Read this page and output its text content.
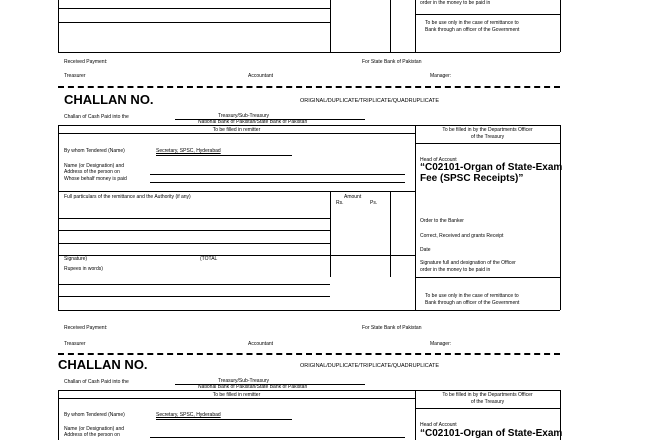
order in the money to be paid in
To be use only in the case of remittance to
Bank through an officer of the Government
Received Payment:	For State Bank of Pakistan
Treasurer	Accountant	Manager:
CHALLAN NO.	ORIGINAL/DUPLICATE/TRIPLICATE/QUADRUPLICATE
Challan of Cash Paid into the	Treasury/Sub-Treasury
National Bank of Pakistan/State Bank of Pakistan
To be filled in remitter	To be filled in by the Departments Officer
of the Treasury
By whom Tendered (Name)	Secretary, SPSC, Hyderabad
Name (or Designation) and
Address of the person on
Whose behalf money is paid
Head of Account
“C02101-Organ of State-Exam
Fee (SPSC Receipts)”
Full particulars of the remittance and the Authority (if any)	Amount
Rs.	Ps.
Signature)	(TOTAL
Rupees in words)
Order to the Banker
Correct, Received and grants Receipt
Date
Signature full and designation of the Officer
order in the money to be paid in
To be use only in the case of remittance to
Bank through an officer of the Government
Received Payment:	For State Bank of Pakistan
Treasurer	Accountant	Manager:
CHALLAN NO.	ORIGINAL/DUPLICATE/TRIPLICATE/QUADRUPLICATE
Challan of Cash Paid into the	Treasury/Sub-Treasury
National Bank of Pakistan/State Bank of Pakistan
To be filled in remitter	To be filled in by the Departments Officer
of the Treasury
By whom Tendered (Name)	Secretary, SPSC, Hyderabad
Name (or Designation) and
Address of the person on
Head of Account
“C02101-Organ of State-Exam
